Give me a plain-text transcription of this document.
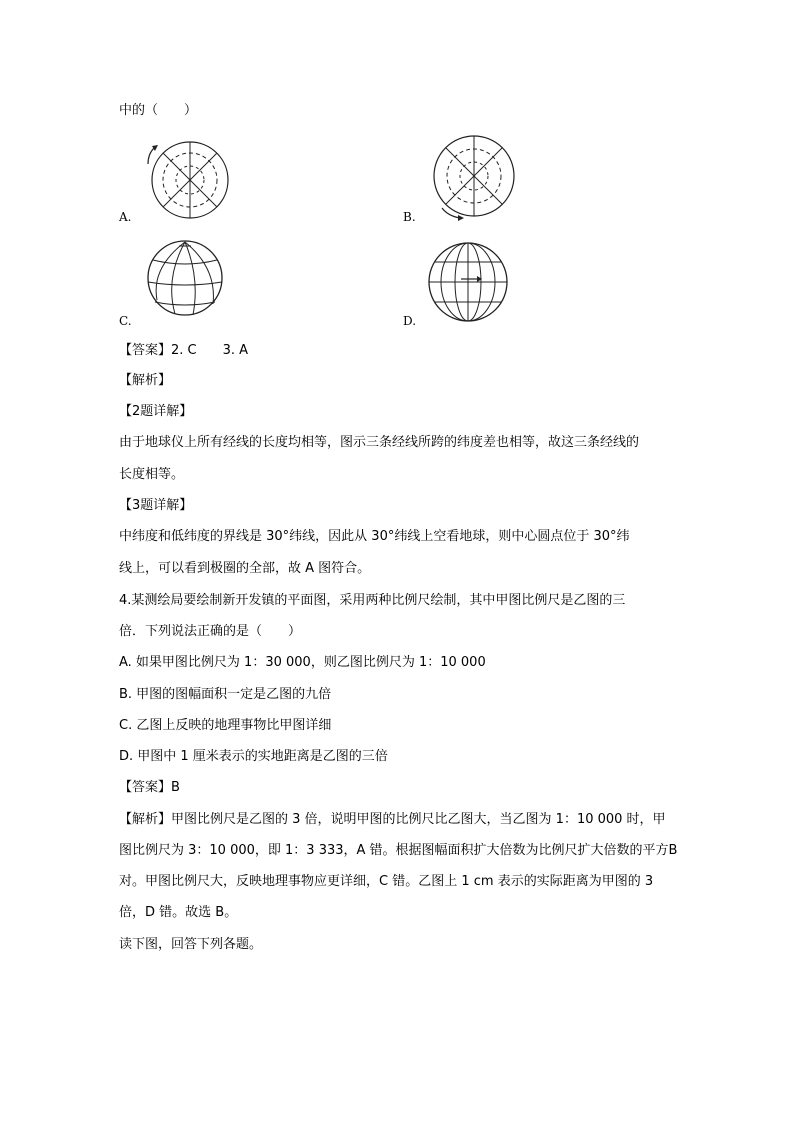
中的（　　）
A.	B.
C.	D.
【答案】2. C　　3. A
【解析】
【2题详解】
由于地球仪上所有经线的长度均相等，图示三条经线所跨的纬度差也相等，故这三条经线的
长度相等。
【3题详解】
中纬度和低纬度的界线是 30°纬线，因此从 30°纬线上空看地球，则中心圆点位于 30°纬
线上，可以看到极圈的全部，故 A 图符合。
4.某测绘局要绘制新开发镇的平面图，采用两种比例尺绘制，其中甲图比例尺是乙图的三
倍．下列说法正确的是（　　）
A. 如果甲图比例尺为 1：30 000，则乙图比例尺为 1：10 000
B. 甲图的图幅面积一定是乙图的九倍
C. 乙图上反映的地理事物比甲图详细
D. 甲图中 1 厘米表示的实地距离是乙图的三倍
【答案】B
【解析】甲图比例尺是乙图的 3 倍，说明甲图的比例尺比乙图大，当乙图为 1：10 000 时，甲
图比例尺为 3：10 000，即 1：3 333，A 错。根据图幅面积扩大倍数为比例尺扩大倍数的平方B
对。甲图比例尺大，反映地理事物应更详细，C 错。乙图上 1 cm 表示的实际距离为甲图的 3
倍，D 错。故选 B。
读下图，回答下列各题。
